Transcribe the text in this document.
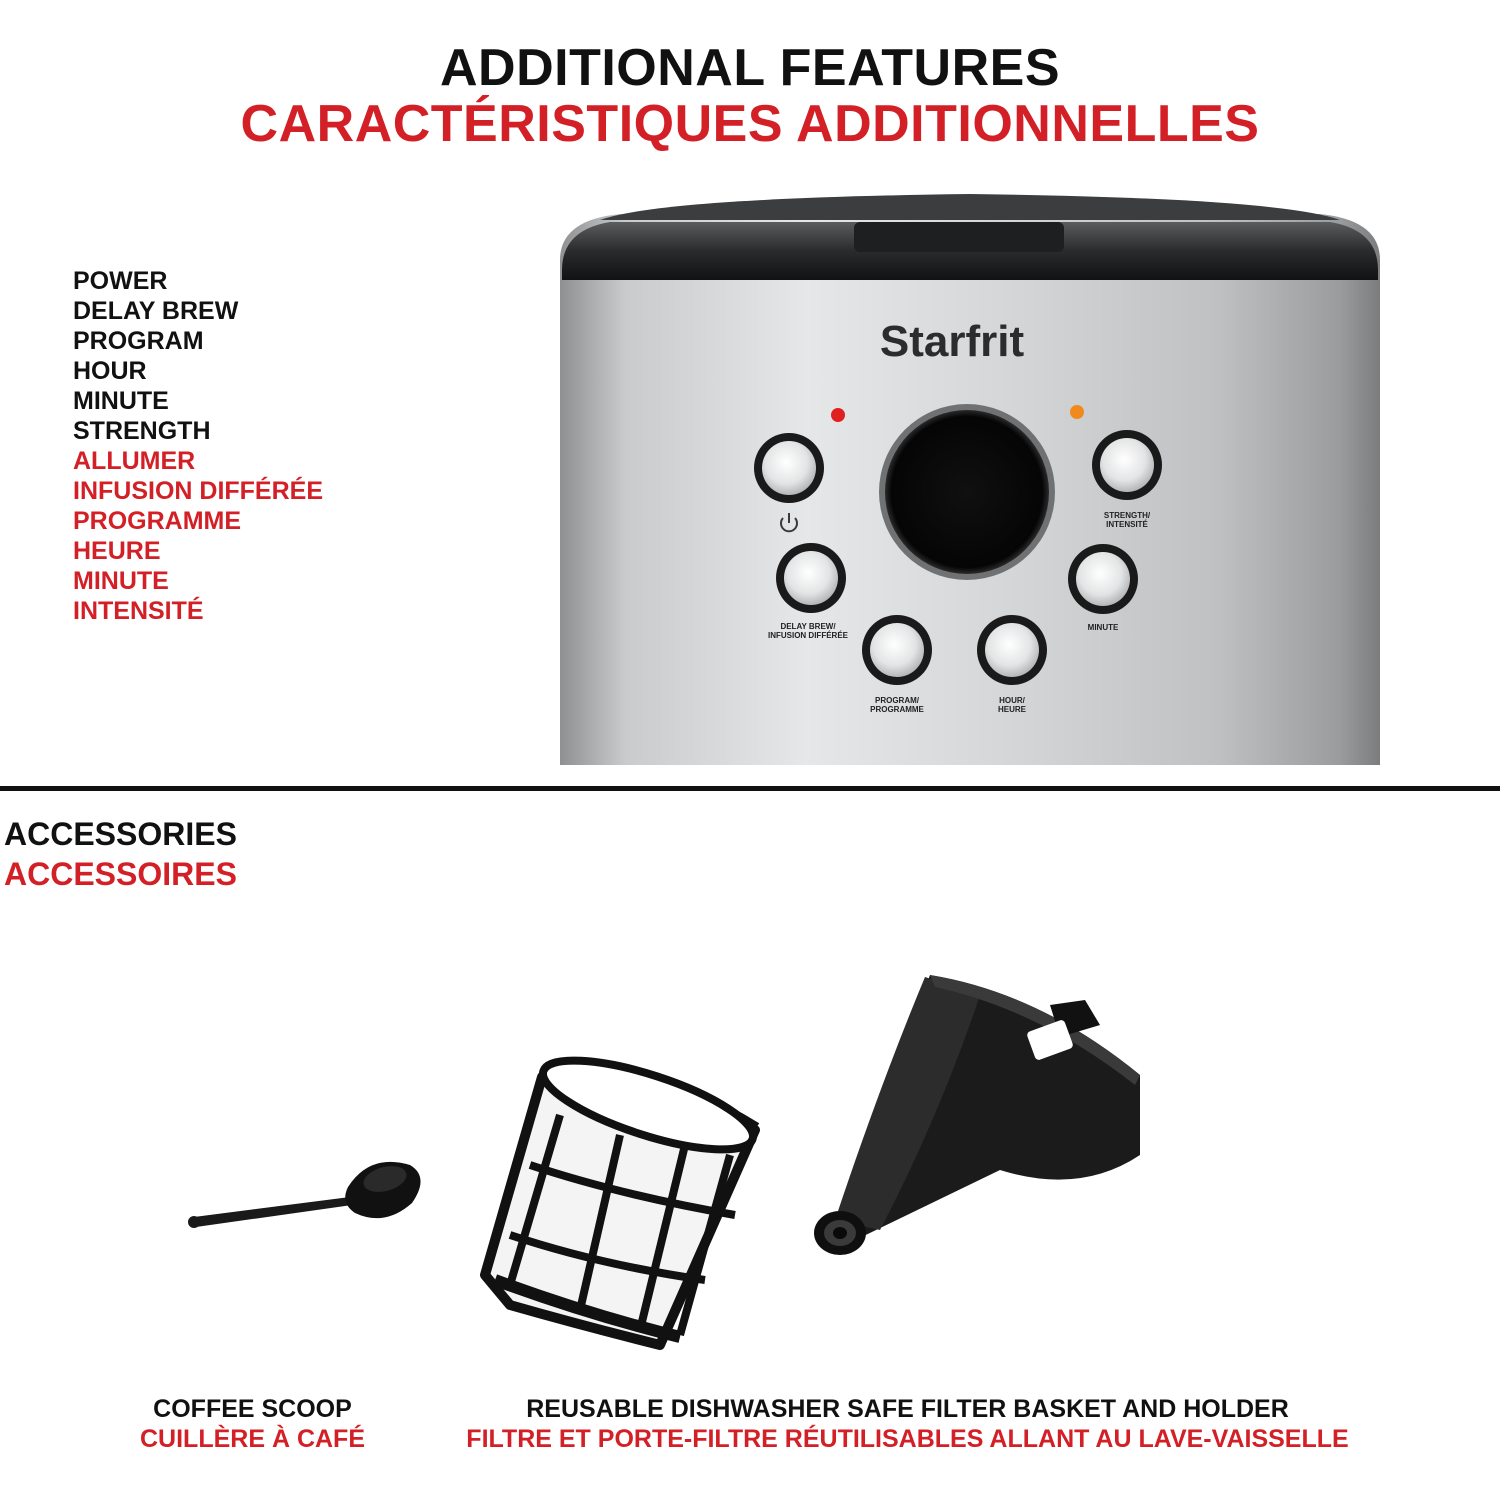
ADDITIONAL FEATURES
CARACTÉRISTIQUES ADDITIONNELLES
POWER
DELAY BREW
PROGRAM
HOUR
MINUTE
STRENGTH
ALLUMER
INFUSION DIFFÉRÉE
PROGRAMME
HEURE
MINUTE
INTENSITÉ
Starfrit
STRENGTH/
INTENSITÉ
DELAY BREW/
INFUSION DIFFÉRÉE
MINUTE
PROGRAM/
PROGRAMME
HOUR/
HEURE
ACCESSORIES
ACCESSOIRES
COFFEE SCOOP
CUILLÈRE À CAFÉ
REUSABLE DISHWASHER SAFE FILTER BASKET AND HOLDER
FILTRE ET PORTE-FILTRE RÉUTILISABLES ALLANT AU LAVE-VAISSELLE
